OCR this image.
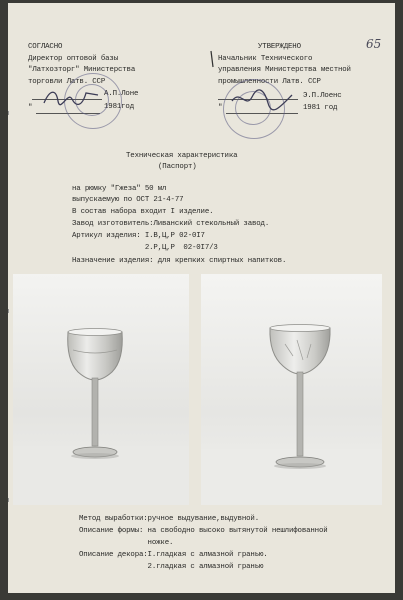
65
СОГЛАСНО
Директор оптовой базы
"Латхозторг" Министерства
торговли Латв. ССР
А.П.Лоне
"	1981год
УТВЕРЖДЕНО
Начальник Технического
управления Министерства местной
промышленности Латв. ССР
Э.П.Лоенс
"	1981 год
Техническая характеристика
(Паспорт)
на рюмку "Гжеза" 50 мл
выпускаемую по ОСТ 21-4-77
В состав набора входит I изделие.
Завод изготовитель:Ливанский стекольный завод.
Артикул изделия: I.В,Ц,Р 02-0I7
2.Р,Ц,Р  02-0I7/3
Назначение изделия: для крепких спиртных напитков.
Метод выработки:ручное выдувание,выдувной.
Описание формы: на свободно высоко вытянутой нешлифованной
ножке.
Описание декора:I.гладкая с алмазной гранью.
2.гладкая с алмазной гранью
